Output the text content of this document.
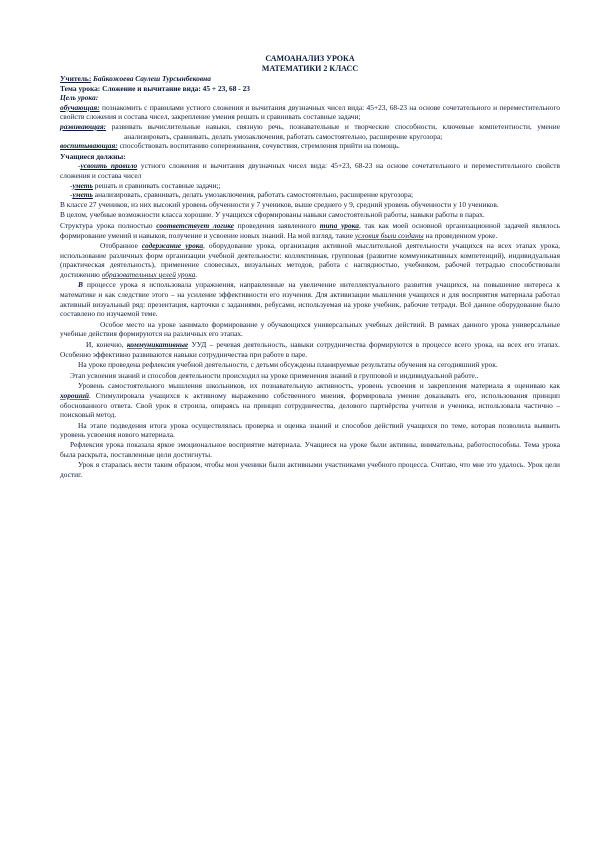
САМОАНАЛИЗ УРОКА
МАТЕМАТИКИ 2 КЛАСС

Учитель: Байкожоева Саулеш Турсынбековна

Тема урока: Сложение и вычитание вида: 45 + 23, 68 - 23

Цель урока:

обучающая: познакомить с правилами устного сложения и вычитания двузначных чисел вида: 45+23, 68-23 на основе сочетательного и переместительного свойств сложения и состава чисел, закрепление умения решать и сравнивать составные задачи;

развивающая: развивать вычислительные навыки, связную речь, познавательные и творческие способности, ключевые компетентности, умение анализировать, сравнивать, делать умозаключения, работать самостоятельно, расширение кругозора;

воспитывающая: способствовать воспитанию сопереживания, сочувствия, стремления прийти на помощь.

Учащиеся должны:

-усвоить правило устного сложения и вычитания двузначных чисел вида: 45+23, 68-23 на основе сочетательного и переместительного свойств сложения и состава чисел

-уметь решать и сравнивать составные задачи;;

-уметь анализировать, сравнивать, делать умозаключения, работать самостоятельно, расширение кругозора;

В классе 27 учеников, из них высокий уровень обученности у 7 учеников, выше среднего у 9, средний уровень обученности у 10 учеников.

В целом, учебные возможности класса хорошие. У учащихся сформированы навыки самостоятельной работы, навыки работы в парах.

Структура урока полностью соответствует логике проведения заявленного типа урока, так как моей основной организационной задачей являлось формирование умений и навыков, получение и усвоение новых знаний. На мой взгляд, такие условия были созданы на проведенном уроке.

Отобранное содержание урока, оборудование урока, организация активной мыслительной деятельности учащихся на всех этапах урока, использование различных форм организации учебной деятельности: коллективная, групповая (развитие коммуникативных компетенций), индивидуальная (практическая деятельность), применение словесных, визуальных методов, работа с наглядностью, учебником, рабочей тетрадью способствовали достижению образовательных целей урока.

В процессе урока я использовала упражнения, направленные на увеличение интеллектуального развития учащихся, на повышение интереса к математике и как следствие этого – на усиление эффективности его изучения. Для активизации мышления учащихся и для восприятия материала работал активный визуальный ряд: презентация, карточки с заданиями, ребусами, используемая на уроке учебник, рабочие тетради. Всё данное оборудование было составлено по изучаемой теме.

Особое место на уроке занимало формирование у обучающихся универсальных учебных действий. В рамках данного урока универсальные учебные действия формируются на различных его этапах.

И, конечно, коммуникативные УУД – речевая деятельность, навыки сотрудничества формируются в процессе всего урока, на всех его этапах. Особенно эффективно развиваются навыки сотрудничества при работе в паре.

На уроке проведена рефлексия учебной деятельности, с детьми обсуждены планируемые результаты обучения на сегодняшний урок.

Этап усвоения знаний и способов деятельности происходил на уроке применения знаний в групповой и индивидуальной работе..

Уровень самостоятельного мышления школьников, их познавательную активность, уровень усвоения и закрепления материала я оцениваю как хороший. Стимулировала учащихся к активному выражению собственного мнения, формировала умение доказывать его, использования принцип обоснованного ответа. Свой урок я строила, опираясь на принцип сотрудничества, делового партнёрства учителя и ученика, использовала частично – поисковый метод.

На этапе подведения итога урока осуществлялась проверка и оценка знаний и способов действий учащихся по теме, которая позволила выявить уровень усвоения нового материала.

Рефлексия урока показала яркое эмоциональное восприятие материала. Учащиеся на уроке были активны, внимательны, работоспособны. Тема урока была раскрыта, поставленные цели достигнуты.

Урок я старалась вести таким образом, чтобы мои ученики были активными участниками учебного процесса. Считаю, что мне это удалось. Урок цели достиг.
